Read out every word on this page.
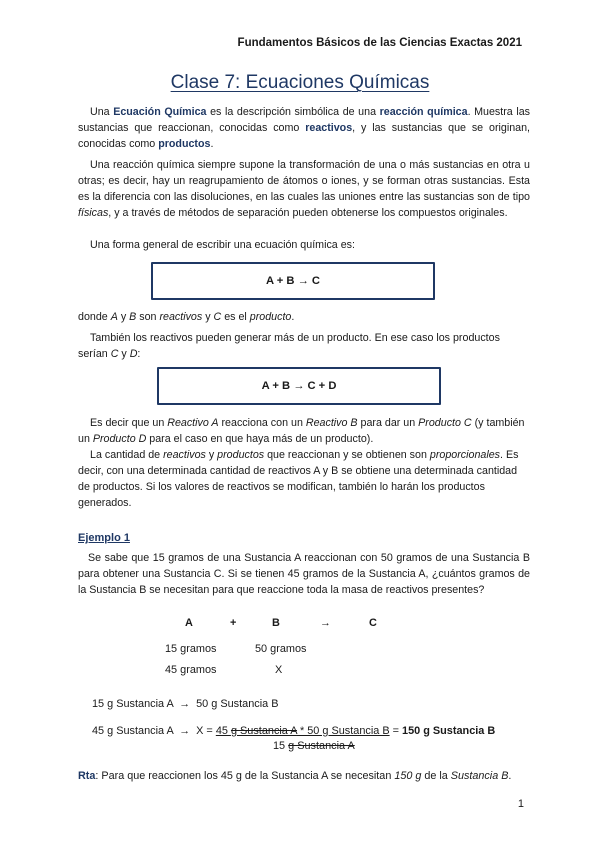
Fundamentos Básicos de las Ciencias Exactas 2021
Clase 7: Ecuaciones Químicas

Una Ecuación Química es la descripción simbólica de una reacción química. Muestra las sustancias que reaccionan, conocidas como reactivos, y las sustancias que se originan, conocidas como productos.

Una reacción química siempre supone la transformación de una o más sustancias en otra u otras; es decir, hay un reagrupamiento de átomos o iones, y se forman otras sustancias. Esta es la diferencia con las disoluciones, en las cuales las uniones entre las sustancias son de tipo físicas, y a través de métodos de separación pueden obtenerse los compuestos originales.

Una forma general de escribir una ecuación química es:

A + B → C

donde A y B son reactivos y C es el producto.

También los reactivos pueden generar más de un producto. En ese caso los productos serían C y D:

A + B → C + D

Es decir que un Reactivo A reacciona con un Reactivo B para dar un Producto C (y también un Producto D para el caso en que haya más de un producto).

La cantidad de reactivos y productos que reaccionan y se obtienen son proporcionales. Es decir, con una determinada cantidad de reactivos A y B se obtiene una determinada cantidad de productos. Si los valores de reactivos se modifican, también lo harán los productos generados.

Ejemplo 1

Se sabe que 15 gramos de una Sustancia A reaccionan con 50 gramos de una Sustancia B para obtener una Sustancia C. Si se tienen 45 gramos de la Sustancia A, ¿cuántos gramos de la Sustancia B se necesitan para que reaccione toda la masa de reactivos presentes?

A	+	B	→	C
15 gramos	50 gramos
45 gramos	X
15 g Sustancia A  →  50 g Sustancia B
45 g Sustancia A  →  X = 45 g Sustancia A * 50 g Sustancia B = 150 g Sustancia B
15 g Sustancia A
Rta: Para que reaccionen los 45 g de la Sustancia A se necesitan 150 g de la Sustancia B.
1
